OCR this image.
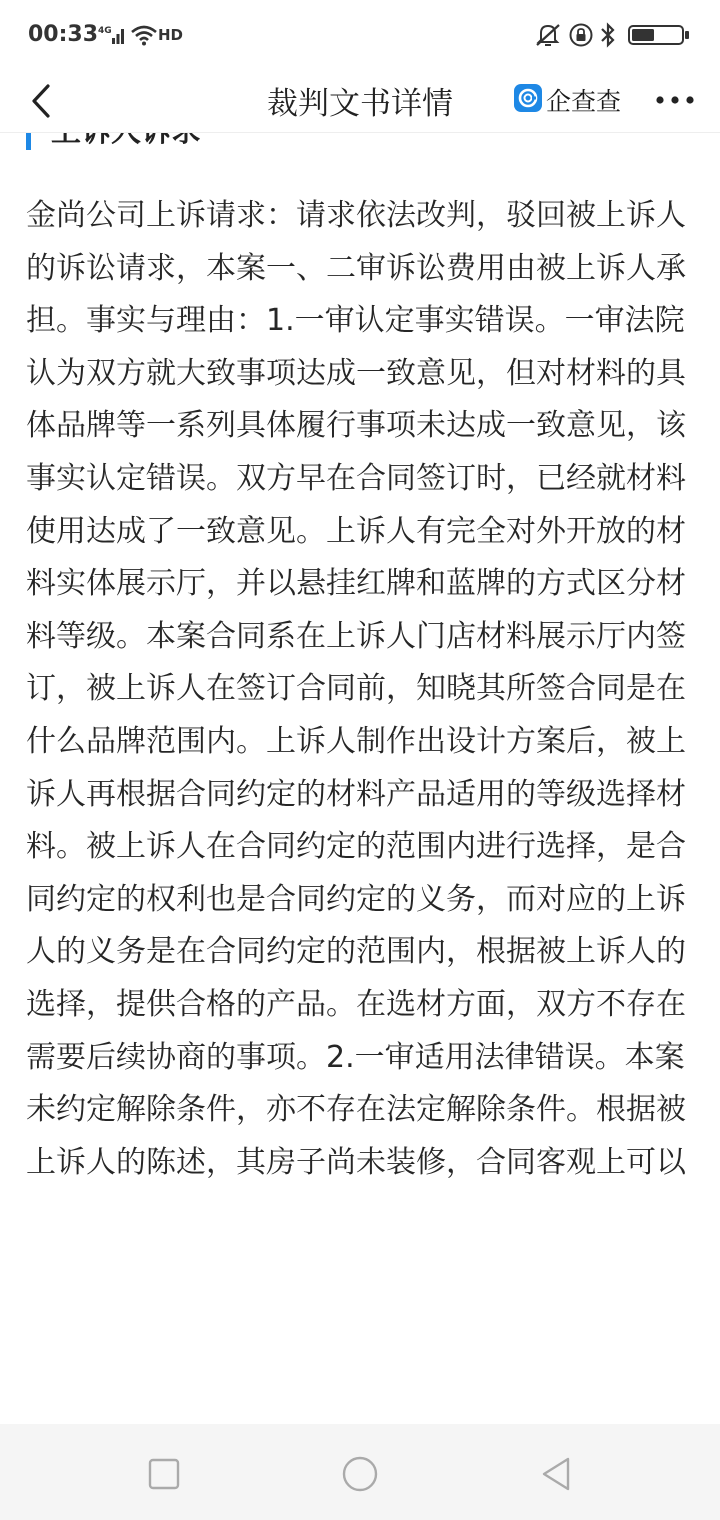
00:33 4G	HD
裁判文书详情	企查查

金尚公司上诉请求：请求依法改判，驳回被上诉人的诉讼请求，本案一、二审诉讼费用由被上诉人承担。事实与理由：1.一审认定事实错误。一审法院认为双方就大致事项达成一致意见，但对材料的具体品牌等一系列具体履行事项未达成一致意见，该事实认定错误。双方早在合同签订时，已经就材料使用达成了一致意见。上诉人有完全对外开放的材料实体展示厅，并以悬挂红牌和蓝牌的方式区分材料等级。本案合同系在上诉人门店材料展示厅内签订，被上诉人在签订合同前，知晓其所签合同是在什么品牌范围内。上诉人制作出设计方案后，被上诉人再根据合同约定的材料产品适用的等级选择材料。被上诉人在合同约定的范围内进行选择，是合同约定的权利也是合同约定的义务，而对应的上诉人的义务是在合同约定的范围内，根据被上诉人的选择，提供合格的产品。在选材方面，双方不存在需要后续协商的事项。2.一审适用法律错误。本案未约定解除条件，亦不存在法定解除条件。根据被上诉人的陈述，其房子尚未装修，合同客观上可以
